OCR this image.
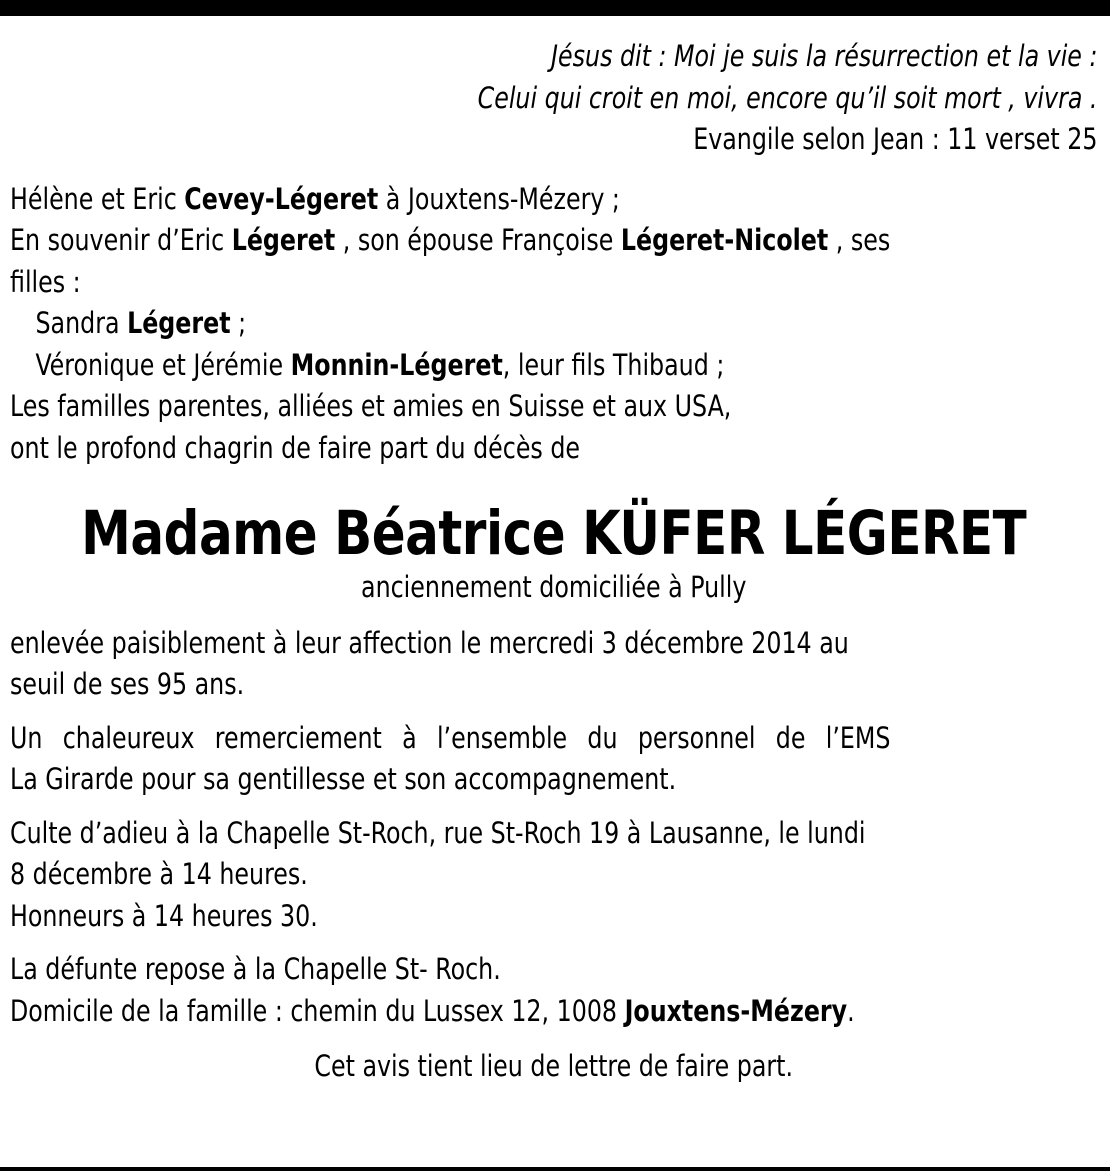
Jésus dit : Moi je suis la résurrection et la vie :
Celui qui croit en moi, encore qu’il soit mort , vivra .
Evangile selon Jean : 11 verset 25
Hélène et Eric Cevey-Légeret à Jouxtens-Mézery ;
En souvenir d’Eric Légeret , son épouse Françoise Légeret-Nicolet , ses
filles :
Sandra Légeret ;
Véronique et Jérémie Monnin-Légeret, leur fils Thibaud ;
Les familles parentes, alliées et amies en Suisse et aux USA,
ont le profond chagrin de faire part du décès de
Madame Béatrice KÜFER LÉGERET
anciennement domiciliée à Pully
enlevée paisiblement à leur affection le mercredi 3 décembre 2014 au
seuil de ses 95 ans.
Un chaleureux remerciement à l’ensemble du personnel de l’EMS
La Girarde pour sa gentillesse et son accompagnement.
Culte d’adieu à la Chapelle St-Roch, rue St-Roch 19 à Lausanne, le lundi
8 décembre à 14 heures.
Honneurs à 14 heures 30.
La défunte repose à la Chapelle St- Roch.
Domicile de la famille : chemin du Lussex 12, 1008 Jouxtens-Mézery.
Cet avis tient lieu de lettre de faire part.
